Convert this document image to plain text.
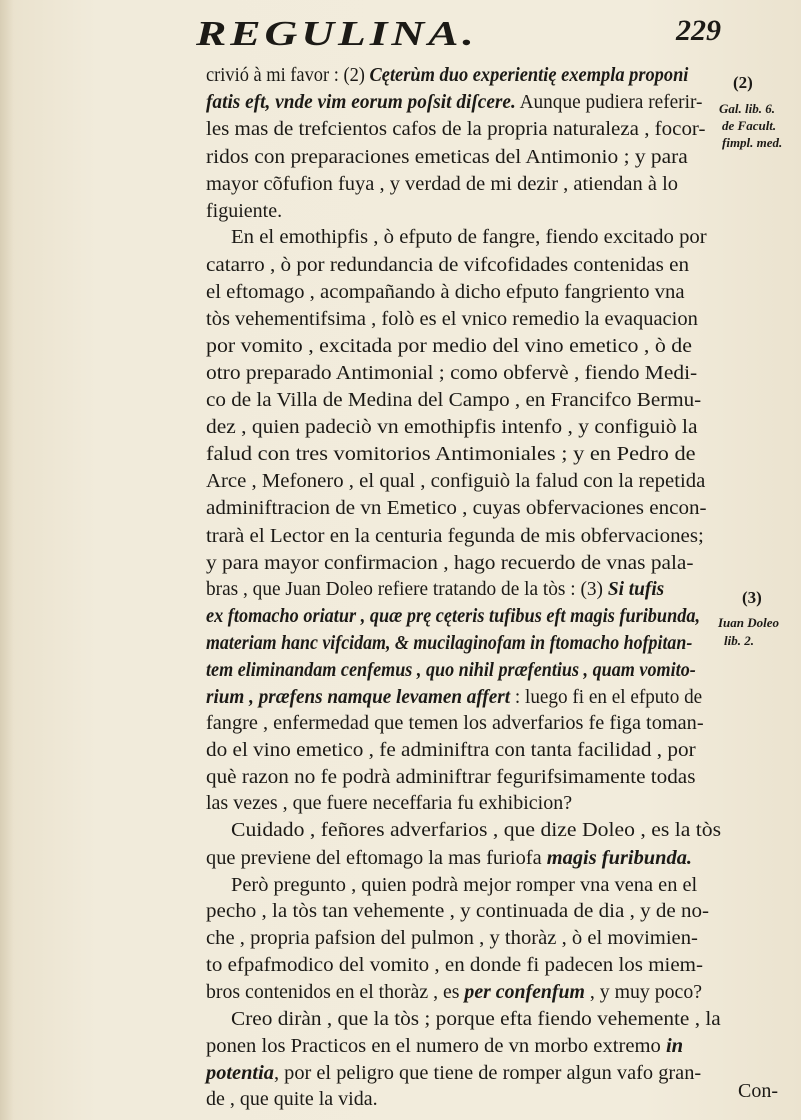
REGULINA.	229
crivió à mi favor : (2) Cęterùm duo experientię exempla proponi
fatis eft, vnde vim eorum poſsit diſcere. Aunque pudiera referir-
les mas de trefcientos cafos de la propria naturaleza , focor-
ridos con preparaciones emeticas del Antimonio ; y para
mayor cõfufion fuya , y verdad de mi dezir , atiendan à lo
figuiente.
En el emothipfis , ò efputo de fangre, fiendo excitado por
catarro , ò por redundancia de vifcofidades contenidas en
el eftomago , acompañando à dicho efputo fangriento vna
tòs vehementifsima , folò es el vnico remedio la evaquacion
por vomito , excitada por medio del vino emetico , ò de
otro preparado Antimonial ; como obfervè , fiendo Medi-
co de la Villa de Medina del Campo , en Francifco Bermu-
dez , quien padeciò vn emothipfis intenfo , y configuiò la
falud con tres vomitorios Antimoniales ; y en Pedro de
Arce , Mefonero , el qual , configuiò la falud con la repetida
adminiftracion de vn Emetico , cuyas obfervaciones encon-
trarà el Lector en la centuria fegunda de mis obfervaciones;
y para mayor confirmacion , hago recuerdo de vnas pala-
bras , que Juan Doleo refiere tratando de la tòs : (3) Si tufis
ex ftomacho oriatur , quæ prę cęteris tufibus eft magis furibunda,
materiam hanc vifcidam, & mucilaginofam in ftomacho hofpitan-
tem eliminandam cenfemus , quo nihil præfentius , quam vomito-
rium , præfens namque levamen affert : luego fi en el efputo de
fangre , enfermedad que temen los adverfarios fe figa toman-
do el vino emetico , fe adminiftra con tanta facilidad , por
què razon no fe podrà adminiftrar fegurifsimamente todas
las vezes , que fuere neceffaria fu exhibicion?
Cuidado , feñores adverfarios , que dize Doleo , es la tòs
que previene del eftomago la mas furiofa magis furibunda.
Però pregunto , quien podrà mejor romper vna vena en el
pecho , la tòs tan vehemente , y continuada de dia , y de no-
che , propria pafsion del pulmon , y thoràz , ò el movimien-
to efpafmodico del vomito , en donde fi padecen los miem-
bros contenidos en el thoràz , es per confenfum , y muy poco?
Creo diràn , que la tòs ; porque efta fiendo vehemente , la
ponen los Practicos en el numero de vn morbo extremo in
potentia, por el peligro que tiene de romper algun vafo gran-
de , que quite la vida.	Con-
(2)
Gal. lib. 6.
de Facult.
fimpl. med.
(3)
Iuan Doleo
lib. 2.
